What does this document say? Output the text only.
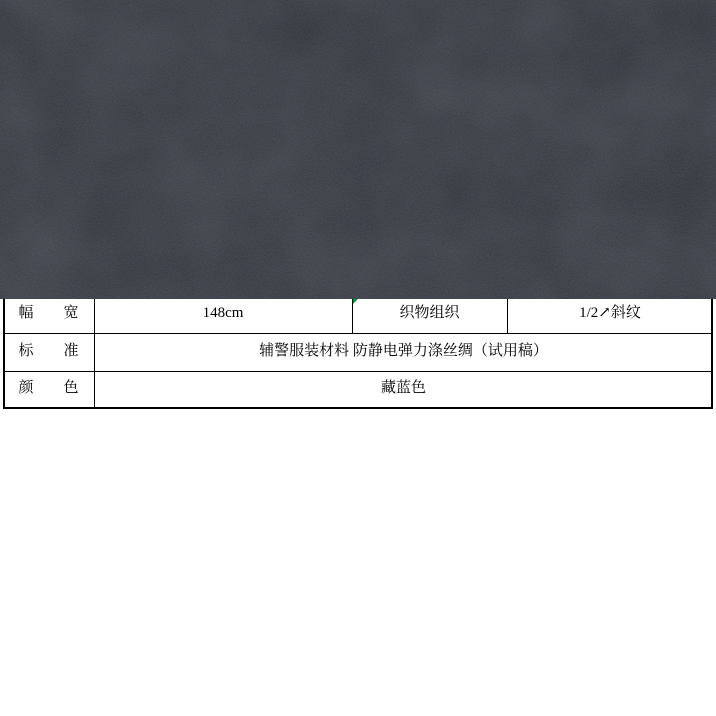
幅　　宽	148cm	织物组织	1/2↗斜纹
标　　准	辅警服装材料 防静电弹力涤丝绸（试用稿）
颜　　色	藏蓝色
